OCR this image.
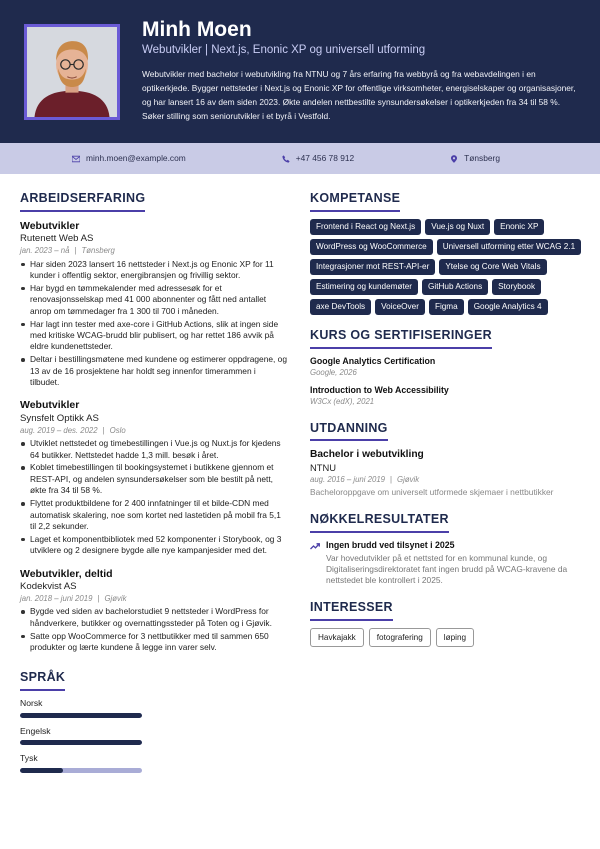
Minh Moen
Webutvikler | Next.js, Enonic XP og universell utforming
Webutvikler med bachelor i webutvikling fra NTNU og 7 års erfaring fra webbyrå og fra webavdelingen i en optikerkjede. Bygger nettsteder i Next.js og Enonic XP for offentlige virksomheter, energiselskaper og organisasjoner, og har lansert 16 av dem siden 2023. Økte andelen nettbestilte synsundersøkelser i optikerkjeden fra 34 til 58 %. Søker stilling som seniorutvikler i et byrå i Vestfold.
minh.moen@example.com	+47 456 78 912	Tønsberg
ARBEIDSERFARING
Webutvikler
Rutenett Web AS
jan. 2023 – nå | Tønsberg
Har siden 2023 lansert 16 nettsteder i Next.js og Enonic XP for 11 kunder i offentlig sektor, energibransjen og frivillig sektor.
Har bygd en tømmekalender med adressesøk for et renovasjonsselskap med 41 000 abonnenter og fått ned antallet anrop om tømmedager fra 1 300 til 700 i måneden.
Har lagt inn tester med axe-core i GitHub Actions, slik at ingen side med kritiske WCAG-brudd blir publisert, og har rettet 186 avvik på eldre kundenettsteder.
Deltar i bestillingsmøtene med kundene og estimerer oppdragene, og 13 av de 16 prosjektene har holdt seg innenfor timerammen i tilbudet.
Webutvikler
Synsfelt Optikk AS
aug. 2019 – des. 2022 | Oslo
Utviklet nettstedet og timebestillingen i Vue.js og Nuxt.js for kjedens 64 butikker. Nettstedet hadde 1,3 mill. besøk i året.
Koblet timebestillingen til bookingsystemet i butikkene gjennom et REST-API, og andelen synsundersøkelser som ble bestilt på nett, økte fra 34 til 58 %.
Flyttet produktbildene for 2 400 innfatninger til et bilde-CDN med automatisk skalering, noe som kortet ned lastetiden på mobil fra 5,1 til 2,2 sekunder.
Laget et komponentbibliotek med 52 komponenter i Storybook, og 3 utviklere og 2 designere bygde alle nye kampanjesider med det.
Webutvikler, deltid
Kodekvist AS
jan. 2018 – juni 2019 | Gjøvik
Bygde ved siden av bachelorstudiet 9 nettsteder i WordPress for håndverkere, butikker og overnattingssteder på Toten og i Gjøvik.
Satte opp WooCommerce for 3 nettbutikker med til sammen 650 produkter og lærte kundene å legge inn varer selv.
SPRÅK
Norsk
Engelsk
Tysk
KOMPETANSE
Frontend i React og Next.js	Vue.js og Nuxt	Enonic XP
WordPress og WooCommerce	Universell utforming etter WCAG 2.1
Integrasjoner mot REST-API-er	Ytelse og Core Web Vitals
Estimering og kundemøter	GitHub Actions	Storybook
axe DevTools	VoiceOver	Figma	Google Analytics 4
KURS OG SERTIFISERINGER
Google Analytics Certification
Google, 2026
Introduction to Web Accessibility
W3Cx (edX), 2021
UTDANNING
Bachelor i webutvikling
NTNU
aug. 2016 – juni 2019 | Gjøvik
Bacheloroppgave om universelt utformede skjemaer i nettbutikker
NØKKELRESULTATER
Ingen brudd ved tilsynet i 2025
Var hovedutvikler på et nettsted for en kommunal kunde, og Digitaliseringsdirektoratet fant ingen brudd på WCAG-kravene da nettstedet ble kontrollert i 2025.
INTERESSER
Havkajakk	fotografering	løping
